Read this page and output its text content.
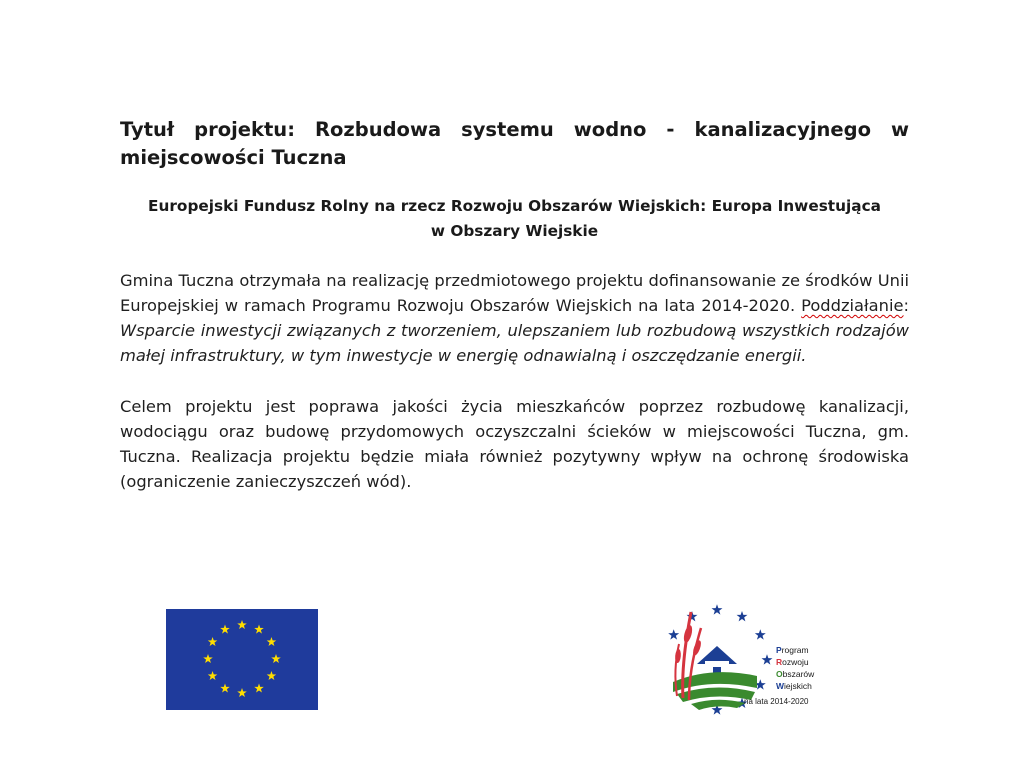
Tytuł projektu: Rozbudowa systemu wodno - kanalizacyjnego w miejscowości Tuczna
Europejski Fundusz Rolny na rzecz Rozwoju Obszarów Wiejskich: Europa Inwestująca
w Obszary Wiejskie

Gmina Tuczna otrzymała na realizację przedmiotowego projektu dofinansowanie ze środków Unii Europejskiej w ramach Programu Rozwoju Obszarów Wiejskich na lata 2014-2020. Poddziałanie: Wsparcie inwestycji związanych z tworzeniem, ulepszaniem lub rozbudową wszystkich rodzajów małej infrastruktury, w tym inwestycje w energię odnawialną i oszczędzanie energii.

Celem projektu jest poprawa jakości życia mieszkańców poprzez rozbudowę kanalizacji, wodociągu oraz budowę przydomowych oczyszczalni ścieków w miejscowości Tuczna, gm. Tuczna. Realizacja projektu będzie miała również pozytywny wpływ na ochronę środowiska (ograniczenie zanieczyszczeń wód).

Program
Rozwoju
Obszarów
Wiejskich
na lata 2014-2020
